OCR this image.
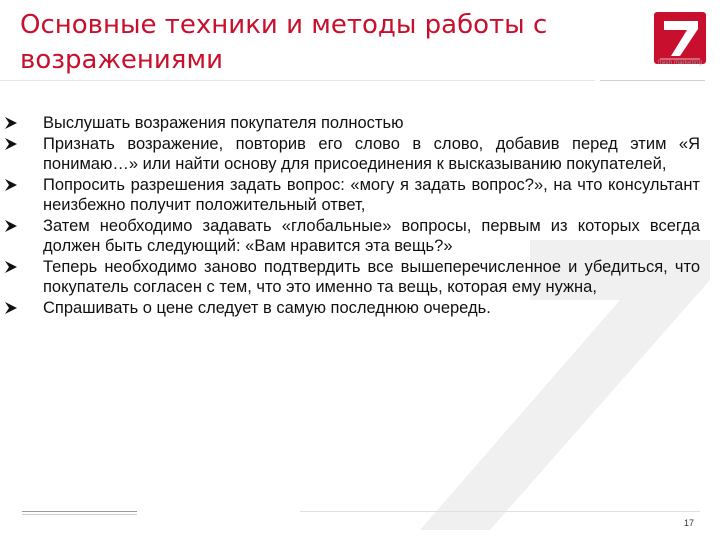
Основные техники и методы работы с возражениями	fresh marketing
Выслушать возражения покупателя полностью
Признать возражение, повторив его слово в слово, добавив перед этим «Я понимаю…» или найти основу для присоединения к высказыванию покупателей,
Попросить разрешения задать вопрос: «могу я задать вопрос?», на что консультант неизбежно получит положительный ответ,
Затем необходимо задавать «глобальные» вопросы, первым из которых всегда должен быть следующий: «Вам нравится эта вещь?»
Теперь необходимо заново подтвердить все вышеперечисленное и убедиться, что покупатель согласен с тем, что это именно та вещь, которая ему нужна,
Спрашивать о цене следует в самую последнюю очередь.
17
